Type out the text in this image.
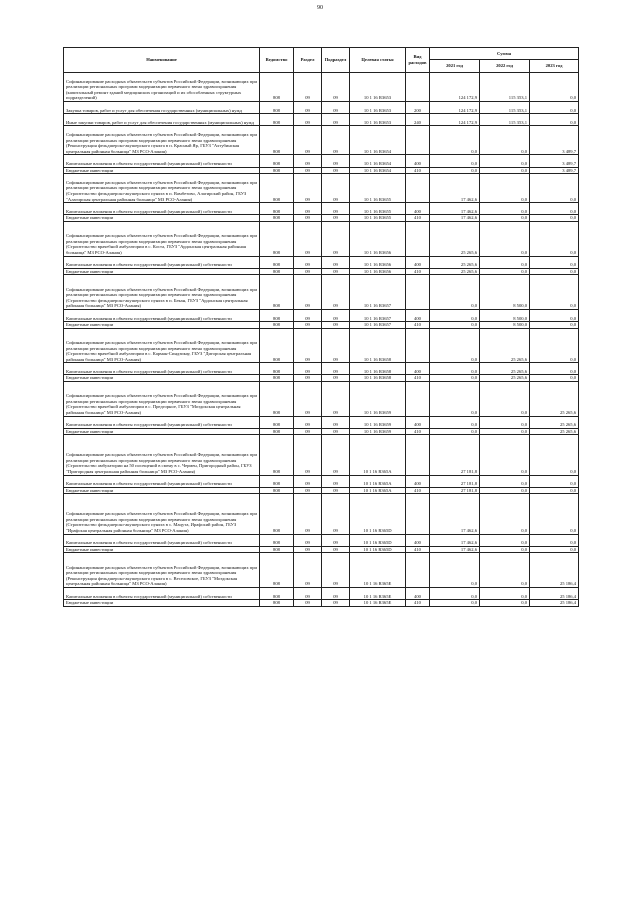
90
Наименование	Ведомство	Раздел	Подраздел	Целевая статья	Вид расходов	Сумма		
						2021 год	2022 год	2023 год
Софинансирование расходных обязательств субъектов Российской Федерации, возникающих при реализации региональных программ модернизации первичного звена здравоохранения (капитальный ремонт зданий медицинских организаций и их обособленных структурных подразделений)	808	09	09	10 1 16 R3653		124 172,9	115 353,1	0,0
Закупка товаров, работ и услуг для обеспечения государственных (муниципальных) нужд	808	09	09	10 1 16 R3653	200	124 172,9	115 353,1	0,0
Иные закупки товаров, работ и услуг для обеспечения государственных (муниципальных) нужд	808	09	09	10 1 16 R3653	240	124 172,9	115 353,1	0,0
Софинансирование расходных обязательств субъектов Российской Федерации, возникающих при реализации региональных программ модернизации первичного звена здравоохранения (Реконструкция фельдшерско-акушерского пункта в п. Красный Яр, ГБУЗ "Ахтубинская центральная районная больница" МЗ РСО-Алания)	808	09	09	10 1 16 R3654		0,0	0,0	3 489,7
Капитальные вложения в объекты государственной (муниципальной) собственности	808	09	09	10 1 16 R3654	400	0,0	0,0	3 489,7
Бюджетные инвестиции	808	09	09	10 1 16 R3654	410	0,0	0,0	3 489,7
Софинансирование расходных обязательств субъектов Российской Федерации, возникающих при реализации региональных программ модернизации первичного звена здравоохранения (Строительство фельдшерско-акушерского пункта в п. Вамбетово, Алагирский район, ГБУЗ "Алагирская центральная районная больница" МЗ РСО-Алания)	808	09	09	10 1 16 R3655		17 462,6	0,0	0,0
Капитальные вложения в объекты государственной (муниципальной) собственности	808	09	09	10 1 16 R3655	400	17 462,6	0,0	0,0
Бюджетные инвестиции	808	09	09	10 1 16 R3655	410	17 462,6	0,0	0,0
Софинансирование расходных обязательств субъектов Российской Федерации, возникающих при реализации региональных программ модернизации первичного звена здравоохранения (Строительство врачебной амбулатории в с. Коста, ГБУЗ "Ардонская центральная районная больница" МЗ РСО-Алания)	808	09	09	10 1 16 R3656		25 265,6	0,0	0,0
Капитальные вложения в объекты государственной (муниципальной) собственности	808	09	09	10 1 16 R3656	400	25 265,6	0,0	0,0
Бюджетные инвестиции	808	09	09	10 1 16 R3656	410	25 265,6	0,0	0,0
Софинансирование расходных обязательств субъектов Российской Федерации, возникающих при реализации региональных программ модернизации первичного звена здравоохранения (Строительство фельдшерско-акушерского пункта в п. Бекан, ГБУЗ "Ардонская центральная районная больница" МЗ РСО-Алания)	808	09	09	10 1 16 R3657		0,0	8 500,0	0,0
Капитальные вложения в объекты государственной (муниципальной) собственности	808	09	09	10 1 16 R3657	400	0,0	8 500,0	0,0
Бюджетные инвестиции	808	09	09	10 1 16 R3657	410	0,0	8 500,0	0,0
Софинансирование расходных обязательств субъектов Российской Федерации, возникающих при реализации региональных программ модернизации первичного звена здравоохранения (Строительство врачебной амбулатории в с. Карман-Синдзикау, ГБУЗ "Дигорская центральная районная больница" МЗ РСО-Алания)	808	09	09	10 1 16 R3658		0,0	25 265,6	0,0
Капитальные вложения в объекты государственной (муниципальной) собственности	808	09	09	10 1 16 R3658	400	0,0	25 265,6	0,0
Бюджетные инвестиции	808	09	09	10 1 16 R3658	410	0,0	25 265,6	0,0
Софинансирование расходных обязательств субъектов Российской Федерации, возникающих при реализации региональных программ модернизации первичного звена здравоохранения (Строительство врачебной амбулатории в с. Предгорное, ГБУЗ "Моздокская центральная районная больница" МЗ РСО-Алания)	808	09	09	10 1 16 R3659		0,0	0,0	25 265,6
Капитальные вложения в объекты государственной (муниципальной) собственности	808	09	09	10 1 16 R3659	400	0,0	0,0	25 265,6
Бюджетные инвестиции	808	09	09	10 1 16 R3659	410	0,0	0,0	25 265,6
Софинансирование расходных обязательств субъектов Российской Федерации, возникающих при реализации региональных программ модернизации первичного звена здравоохранения (Строительство амбулатории на 50 посещений в смену в с. Чермен, Пригородный район, ГБУЗ "Пригородная центральная районная больница" МЗ РСО-Алания)	808	09	09	10 1 16 R365A		27 181,8	0,0	0,0
Капитальные вложения в объекты государственной (муниципальной) собственности	808	09	09	10 1 16 R365A	400	27 181,8	0,0	0,0
Бюджетные инвестиции	808	09	09	10 1 16 R365A	410	27 181,8	0,0	0,0
Софинансирование расходных обязательств субъектов Российской Федерации, возникающих при реализации региональных программ модернизации первичного звена здравоохранения (Строительство фельдшерско-акушерского пункта в с. Мацута, Ирафский район, ГБУЗ "Ирафская центральная районная больница" МЗ РСО-Алания)	808	09	09	10 1 16 R365D		17 462,6	0,0	0,0
Капитальные вложения в объекты государственной (муниципальной) собственности	808	09	09	10 1 16 R365D	400	17 462,6	0,0	0,0
Бюджетные инвестиции	808	09	09	10 1 16 R365D	410	17 462,6	0,0	0,0
Софинансирование расходных обязательств субъектов Российской Федерации, возникающих при реализации региональных программ модернизации первичного звена здравоохранения (Реконструкция фельдшерско-акушерского пункта в с. Веселовское, ГБУЗ "Моздокская центральная районная больница" МЗ РСО-Алания)	808	09	09	10 1 16 R365E		0,0	0,0	25 186,4
Капитальные вложения в объекты государственной (муниципальной) собственности	808	09	09	10 1 16 R365E	400	0,0	0,0	25 186,4
Бюджетные инвестиции	808	09	09	10 1 16 R365E	410	0,0	0,0	25 186,4
